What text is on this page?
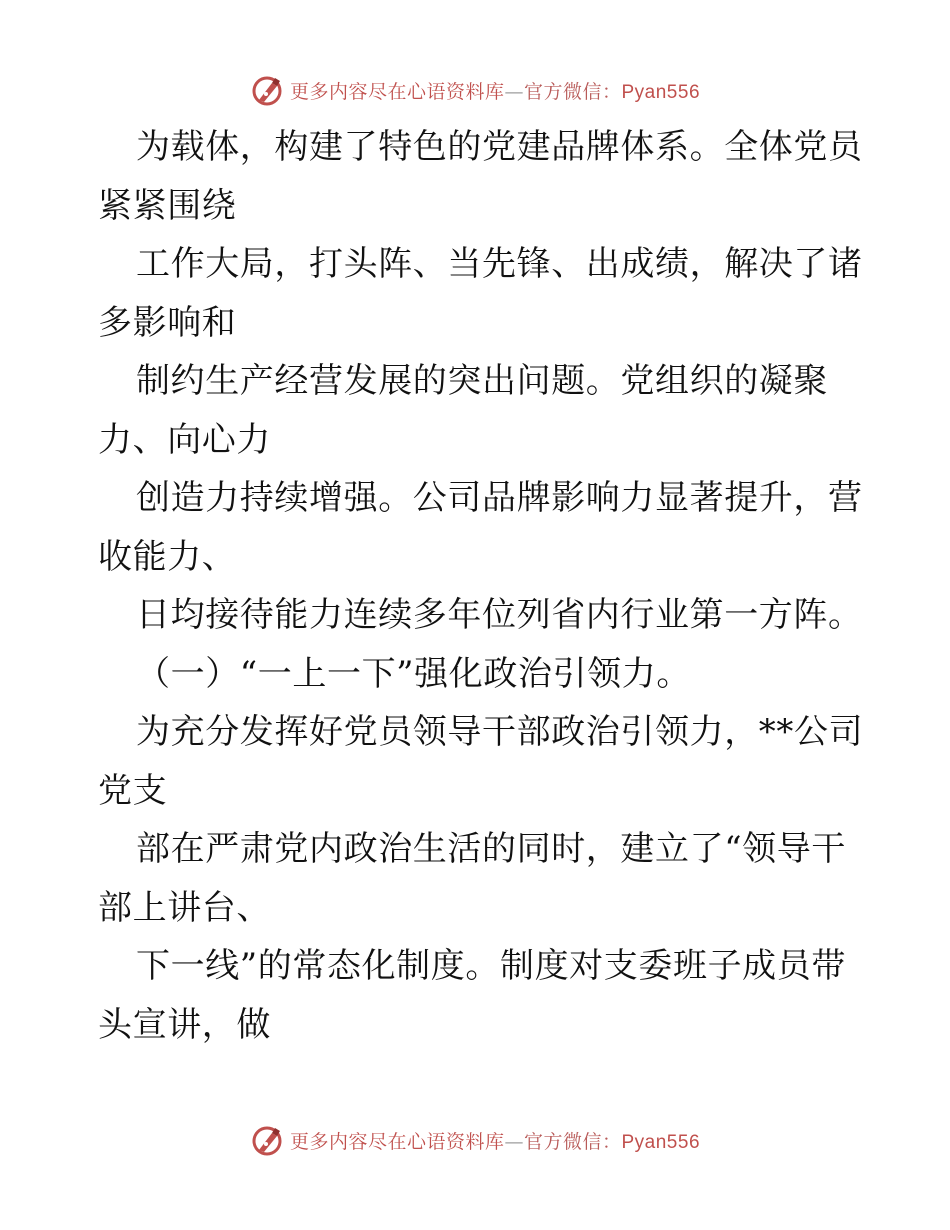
更多内容尽在心语资料库—官方微信：Pyan556
为载体，构建了特色的党建品牌体系。全体党员
紧紧围绕
工作大局，打头阵、当先锋、出成绩，解决了诸
多影响和
制约生产经营发展的突出问题。党组织的凝聚
力、向心力
创造力持续增强。公司品牌影响力显著提升，营
收能力、
日均接待能力连续多年位列省内行业第一方阵。
（一）“一上一下”强化政治引领力。
为充分发挥好党员领导干部政治引领力，**公司
党支
部在严肃党内政治生活的同时，建立了“领导干
部上讲台、
下一线”的常态化制度。制度对支委班子成员带
头宣讲，做
更多内容尽在心语资料库—官方微信：Pyan556
